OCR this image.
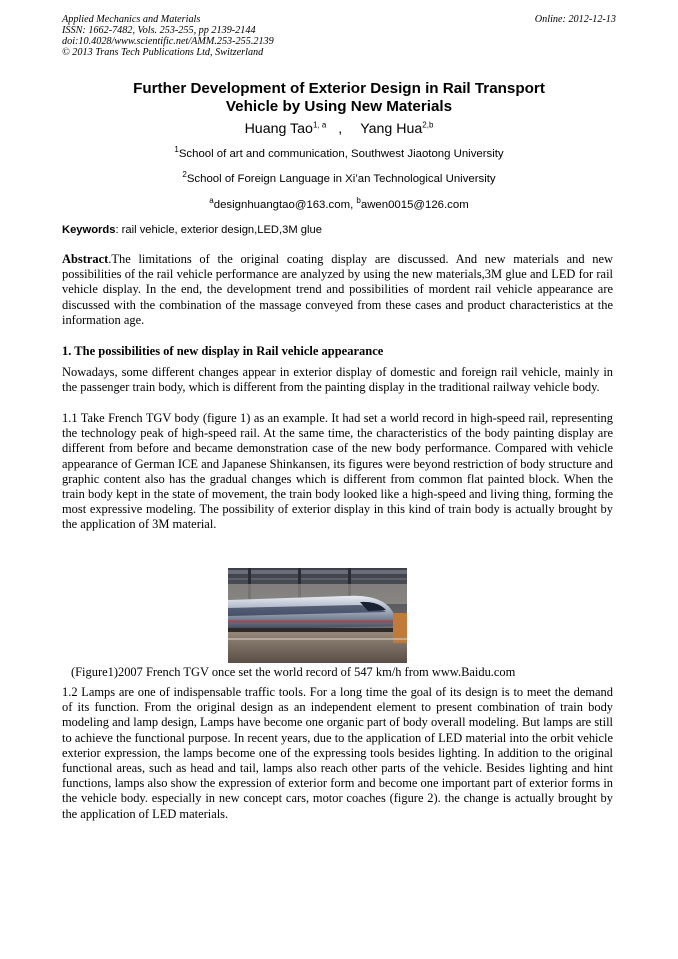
Applied Mechanics and Materials
ISSN: 1662-7482, Vols. 253-255, pp 2139-2144
doi:10.4028/www.scientific.net/AMM.253-255.2139
© 2013 Trans Tech Publications Ltd, Switzerland
Online: 2012-12-13
Further Development of Exterior Design in Rail Transport
Vehicle by Using New Materials
Huang Tao$^{1, a}$ , Yang Hua$^{2,b}$
$^1$School of art and communication, Southwest Jiaotong University
$^2$School of Foreign Language in Xi’an Technological University
$^a$designhuangtao@163.com, $^b$awen0015@126.com
Keywords: rail vehicle, exterior design,LED,3M glue
Abstract.The limitations of the original coating display are discussed. And new materials and new possibilities of the rail vehicle performance are analyzed by using the new materials,3M glue and LED for rail vehicle display. In the end, the development trend and possibilities of mordent rail vehicle appearance are discussed with the combination of the massage conveyed from these cases and product characteristics at the information age.
1. The possibilities of new display in Rail vehicle appearance
Nowadays, some different changes appear in exterior display of domestic and foreign rail vehicle, mainly in the passenger train body, which is different from the painting display in the traditional railway vehicle body.
1.1 Take French TGV body (figure 1) as an example. It had set a world record in high-speed rail, representing the technology peak of high-speed rail. At the same time, the characteristics of the body painting display are different from before and became demonstration case of the new body performance. Compared with vehicle appearance of German ICE and Japanese Shinkansen, its figures were beyond restriction of body structure and graphic content also has the gradual changes which is different from common flat painted block. When the train body kept in the state of movement, the train body looked like a high-speed and living thing, forming the most expressive modeling. The possibility of exterior display in this kind of train body is actually brought by the application of 3M material.
(Figure1)2007 French TGV once set the world record of 547 km/h from www.Baidu.com
1.2 Lamps are one of indispensable traffic tools. For a long time the goal of its design is to meet the demand of its function. From the original design as an independent element to present combination of train body modeling and lamp design, Lamps have become one organic part of body overall modeling. But lamps are still to achieve the functional purpose. In recent years, due to the application of LED material into the orbit vehicle exterior expression, the lamps become one of the expressing tools besides lighting. In addition to the original functional areas, such as head and tail, lamps also reach other parts of the vehicle. Besides lighting and hint functions, lamps also show the expression of exterior form and become one important part of exterior forms in the vehicle body. especially in new concept cars, motor coaches (figure 2). the change is actually brought by the application of LED materials.
